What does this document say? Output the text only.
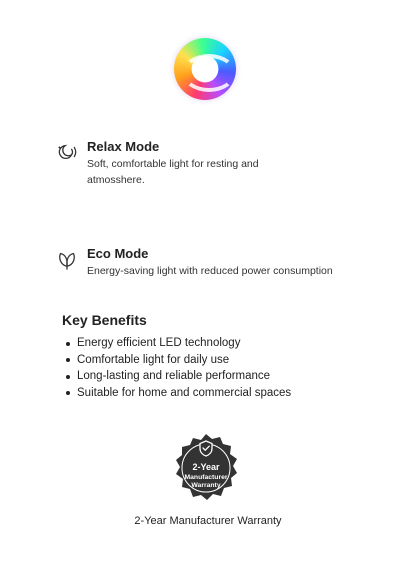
Relax Mode
Soft, comfortable light for resting and atmosshere.
Eco Mode
Energy-saving light with reduced power consumption
Key Benefits
Energy efficient LED technology
Comfortable light for daily use
Long-lasting and reliable performance
Suitable for home and commercial spaces
2-Year
Manufacturer
Warranty
2-Year Manufacturer Warranty
